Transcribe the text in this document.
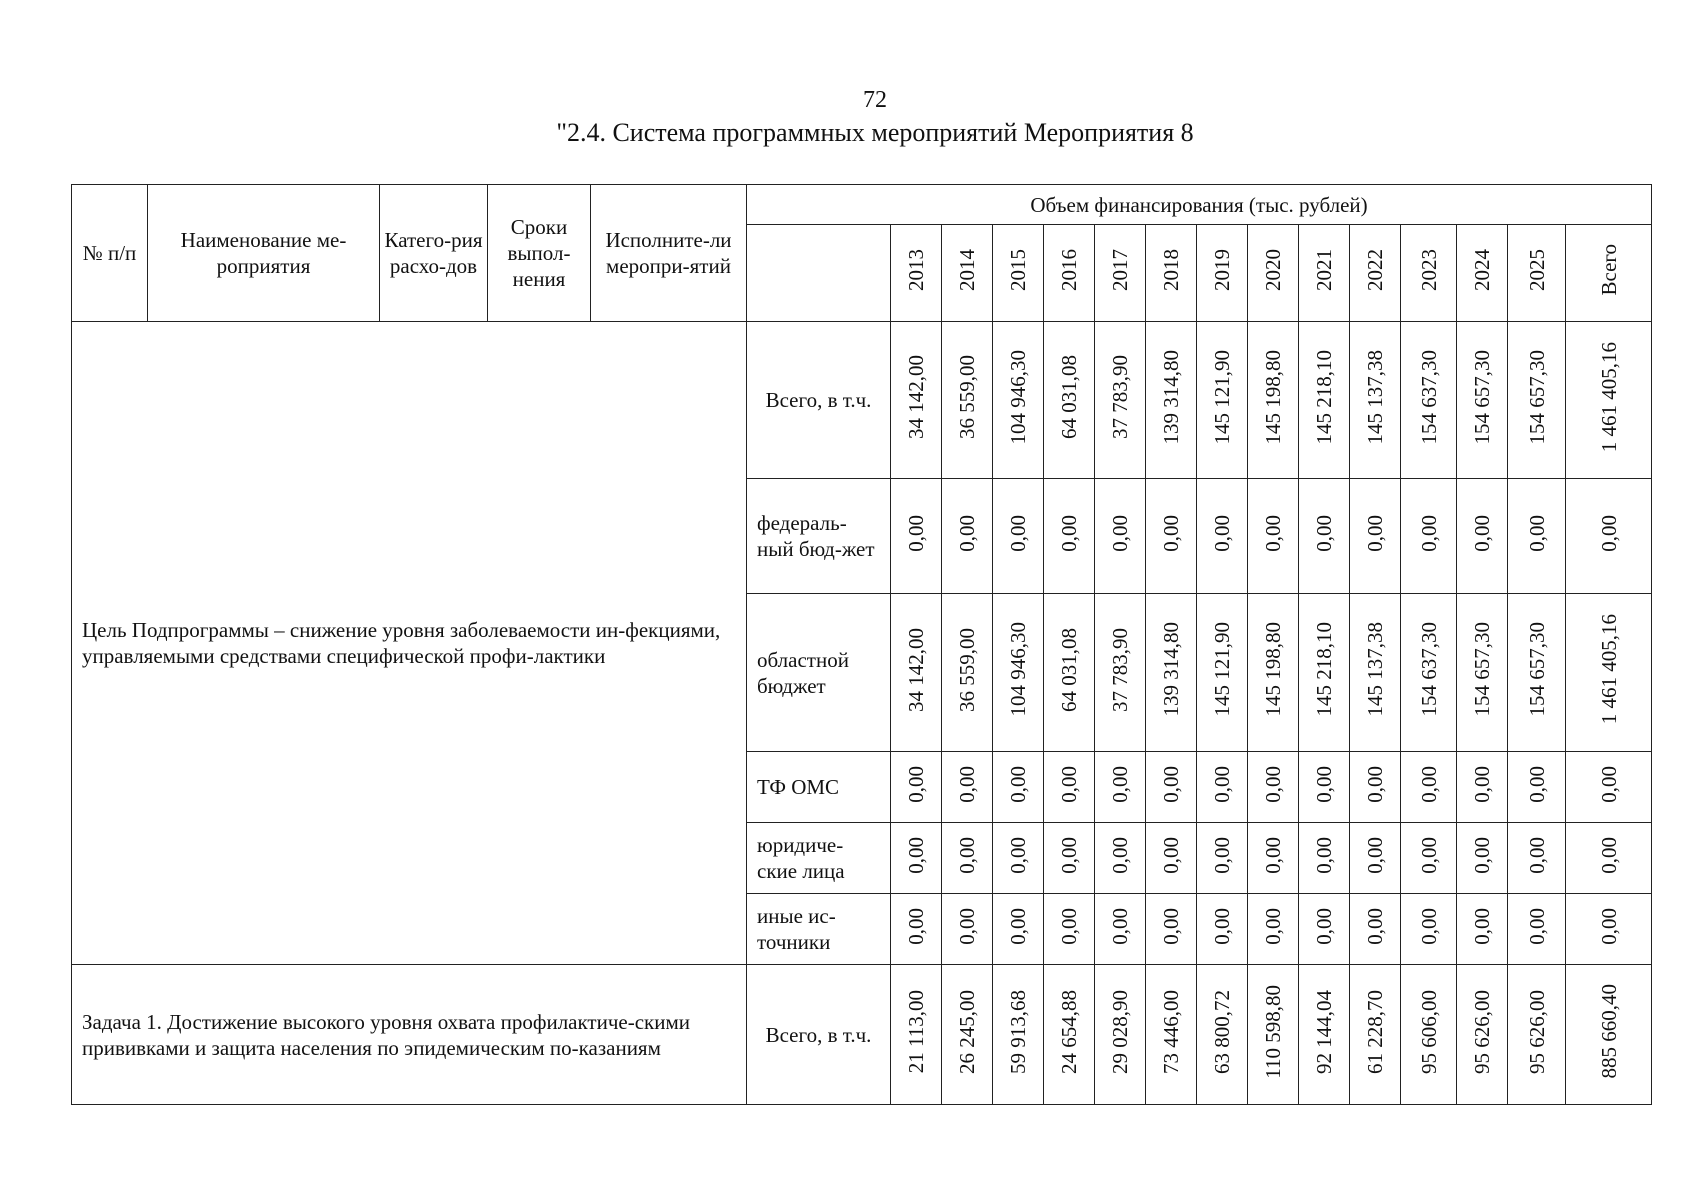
72
"2.4. Система программных мероприятий Мероприятия 8
№ п/п	Наименование ме-роприятия	Катего-рия расхо-дов	Сроки выпол-нения	Исполните-ли меропри-ятий	Объем финансирования (тыс. рублей)														
						2013	2014	2015	2016	2017	2018	2019	2020	2021	2022	2023	2024	2025	Всего
Цель Подпрограммы – снижение уровня заболеваемости ин-фекциями, управляемыми средствами специфической профи-лактики					Всего, в т.ч.	34 142,00	36 559,00	104 946,30	64 031,08	37 783,90	139 314,80	145 121,90	145 198,80	145 218,10	145 137,38	154 637,30	154 657,30	154 657,30	1 461 405,16
					федераль-ный бюд-жет	0,00	0,00	0,00	0,00	0,00	0,00	0,00	0,00	0,00	0,00	0,00	0,00	0,00	0,00
					областной бюджет	34 142,00	36 559,00	104 946,30	64 031,08	37 783,90	139 314,80	145 121,90	145 198,80	145 218,10	145 137,38	154 637,30	154 657,30	154 657,30	1 461 405,16
					ТФ ОМС	0,00	0,00	0,00	0,00	0,00	0,00	0,00	0,00	0,00	0,00	0,00	0,00	0,00	0,00
					юридиче-ские лица	0,00	0,00	0,00	0,00	0,00	0,00	0,00	0,00	0,00	0,00	0,00	0,00	0,00	0,00
					иные ис-точники	0,00	0,00	0,00	0,00	0,00	0,00	0,00	0,00	0,00	0,00	0,00	0,00	0,00	0,00
Задача 1. Достижение высокого уровня охвата профилактиче-скими прививками и защита населения по эпидемическим по-казаниям					Всего, в т.ч.	21 113,00	26 245,00	59 913,68	24 654,88	29 028,90	73 446,00	63 800,72	110 598,80	92 144,04	61 228,70	95 606,00	95 626,00	95 626,00	885 660,40
